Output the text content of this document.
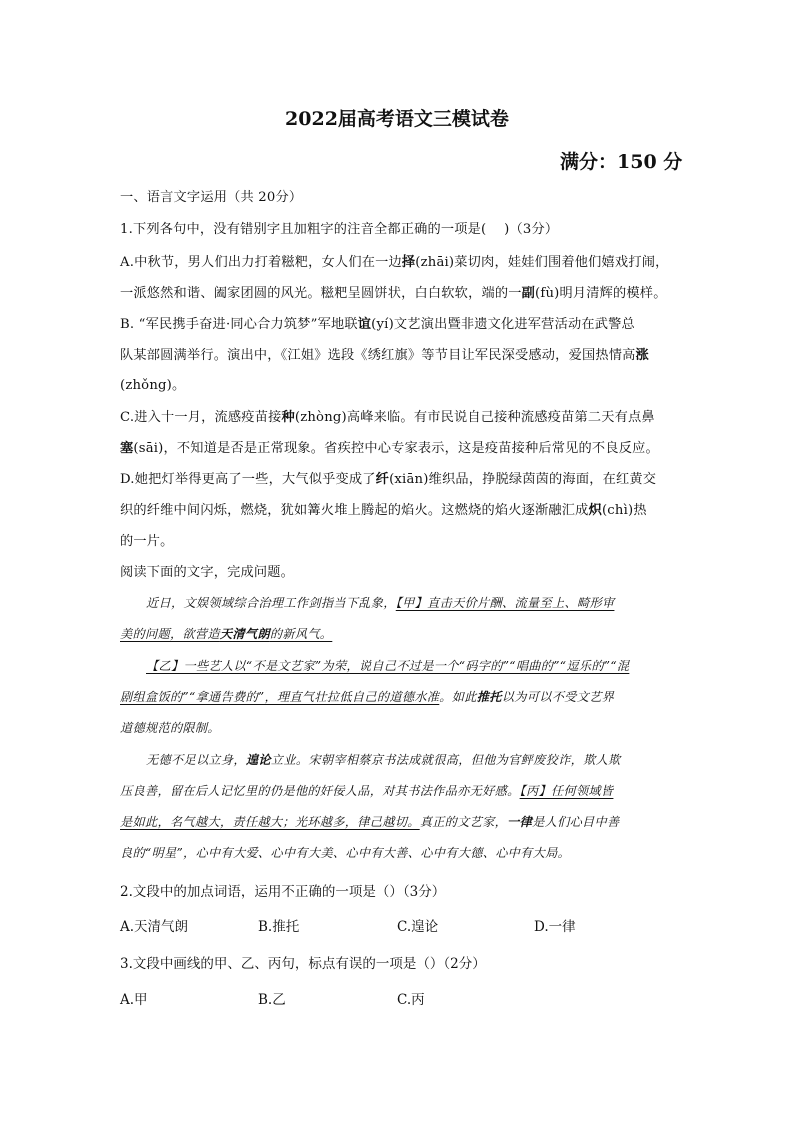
2022届高考语文三模试卷
满分：150 分
一、语言文字运用（共 20分）
1.下列各句中，没有错别字且加粗字的注音全都正确的一项是(　 )（3分）
A.中秋节，男人们出力打着糍粑，女人们在一边择(zhāi)菜切肉，娃娃们围着他们嬉戏打闹，
一派悠然和谐、阖家团圆的风光。糍粑呈圆饼状，白白软软，端的一副(fù)明月清辉的模样。
B. “军民携手奋进·同心合力筑梦”军地联谊(yí)文艺演出暨非遗文化进军营活动在武警总
队某部圆满举行。演出中，《江姐》选段《绣红旗》等节目让军民深受感动，爱国热情高涨
(zhǒng)。
C.进入十一月，流感疫苗接种(zhòng)高峰来临。有市民说自己接种流感疫苗第二天有点鼻
塞(sāi)，不知道是否是正常现象。省疾控中心专家表示，这是疫苗接种后常见的不良反应。
D.她把灯举得更高了一些，大气似乎变成了纤(xiān)维织品，挣脱绿茵茵的海面，在红黄交
织的纤维中间闪烁，燃烧，犹如篝火堆上腾起的焰火。这燃烧的焰火逐渐融汇成炽(chì)热
的一片。
阅读下面的文字，完成问题。
近日，文娱领域综合治理工作剑指当下乱象，【甲】直击天价片酬、流量至上、畸形审
美的问题，欲营造天清气朗的新风气。
【乙】一些艺人以“不是文艺家”为荣，说自己不过是一个“码字的”“唱曲的”“逗乐的”“混
剧组盒饭的”“拿通告费的”，理直气壮拉低自己的道德水准。如此推托以为可以不受文艺界
道德规范的限制。
无德不足以立身，遑论立业。宋朝宰相蔡京书法成就很高，但他为官鲆废狡诈，欺人欺
压良善，留在后人记忆里的仍是他的奸佞人品，对其书法作品亦无好感。【丙】任何领域皆
是如此，名气越大，责任越大；光环越多，律己越切。真正的文艺家，一律是人们心目中善
良的“明星”，心中有大爱、心中有大美、心中有大善、心中有大德、心中有大局。
2.文段中的加点词语，运用不正确的一项是（）（3分）
A.天清气朗	B.推托	C.遑论	D.一律
3.文段中画线的甲、乙、丙句，标点有误的一项是（）（2分）
A.甲	B.乙	C.丙
